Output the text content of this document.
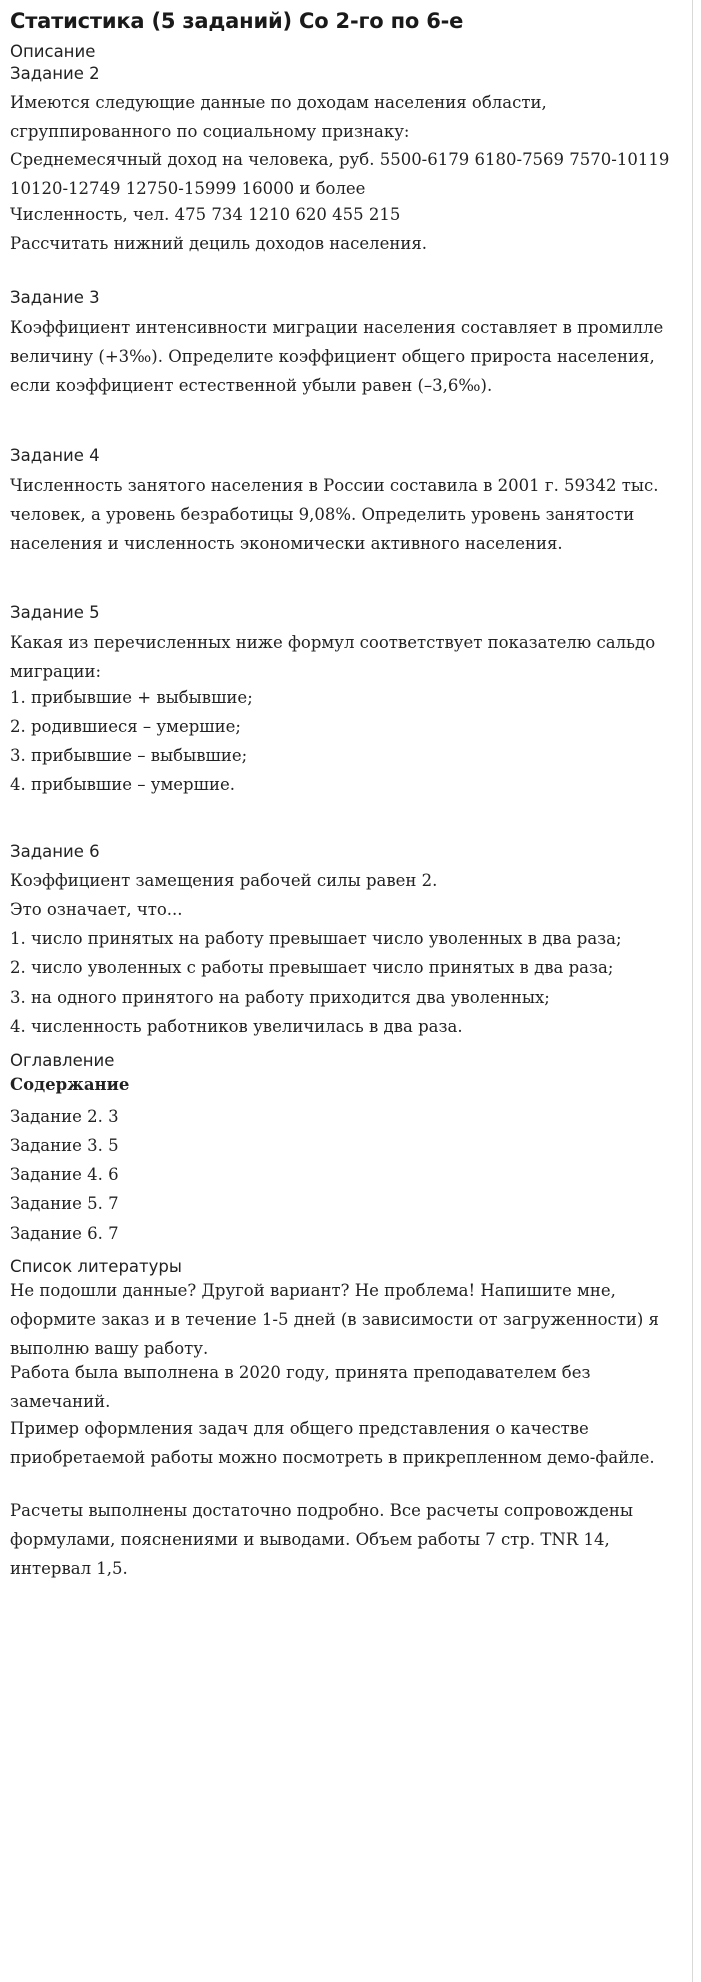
Статистика (5 заданий) Со 2-го по 6-е
Описание
Задание 2

Имеются следующие данные по доходам населения области, сгруппированного по социальному признаку:

Среднемесячный доход на человека, руб. 5500-6179 6180-7569 7570-10119 10120-12749 12750-15999 16000 и более

Численность, чел. 475 734 1210 620 455 215

Рассчитать нижний дециль доходов населения.

Задание 3

Коэффициент интенсивности миграции населения составляет в промилле величину (+3‰). Определите коэффициент общего прироста населения, если коэффициент естественной убыли равен (–3,6‰).

Задание 4

Численность занятого населения в России составила в 2001 г. 59342 тыс. человек, а уровень безработицы 9,08%. Определить уровень занятости населения и численность экономически активного населения.

Задание 5

Какая из перечисленных ниже формул соответствует показателю сальдо миграции:

1. прибывшие + выбывшие;

2. родившиеся – умершие;

3. прибывшие – выбывшие;

4. прибывшие – умершие.

Задание 6

Коэффициент замещения рабочей силы равен 2.

Это означает, что...

1. число принятых на работу превышает число уволенных в два раза;

2. число уволенных с работы превышает число принятых в два раза;

3. на одного принятого на работу приходится два уволенных;

4. численность работников увеличилась в два раза.

Оглавление

Содержание

Задание 2. 3

Задание 3. 5

Задание 4. 6

Задание 5. 7

Задание 6. 7

Список литературы

Не подошли данные? Другой вариант? Не проблема! Напишите мне, оформите заказ и в течение 1-5 дней (в зависимости от загруженности) я выполню вашу работу.

Работа была выполнена в 2020 году, принята преподавателем без замечаний.

Пример оформления задач для общего представления о качестве приобретаемой работы можно посмотреть в прикрепленном демо-файле.

Расчеты выполнены достаточно подробно. Все расчеты сопровождены формулами, пояснениями и выводами. Объем работы 7 стр. TNR 14, интервал 1,5.
